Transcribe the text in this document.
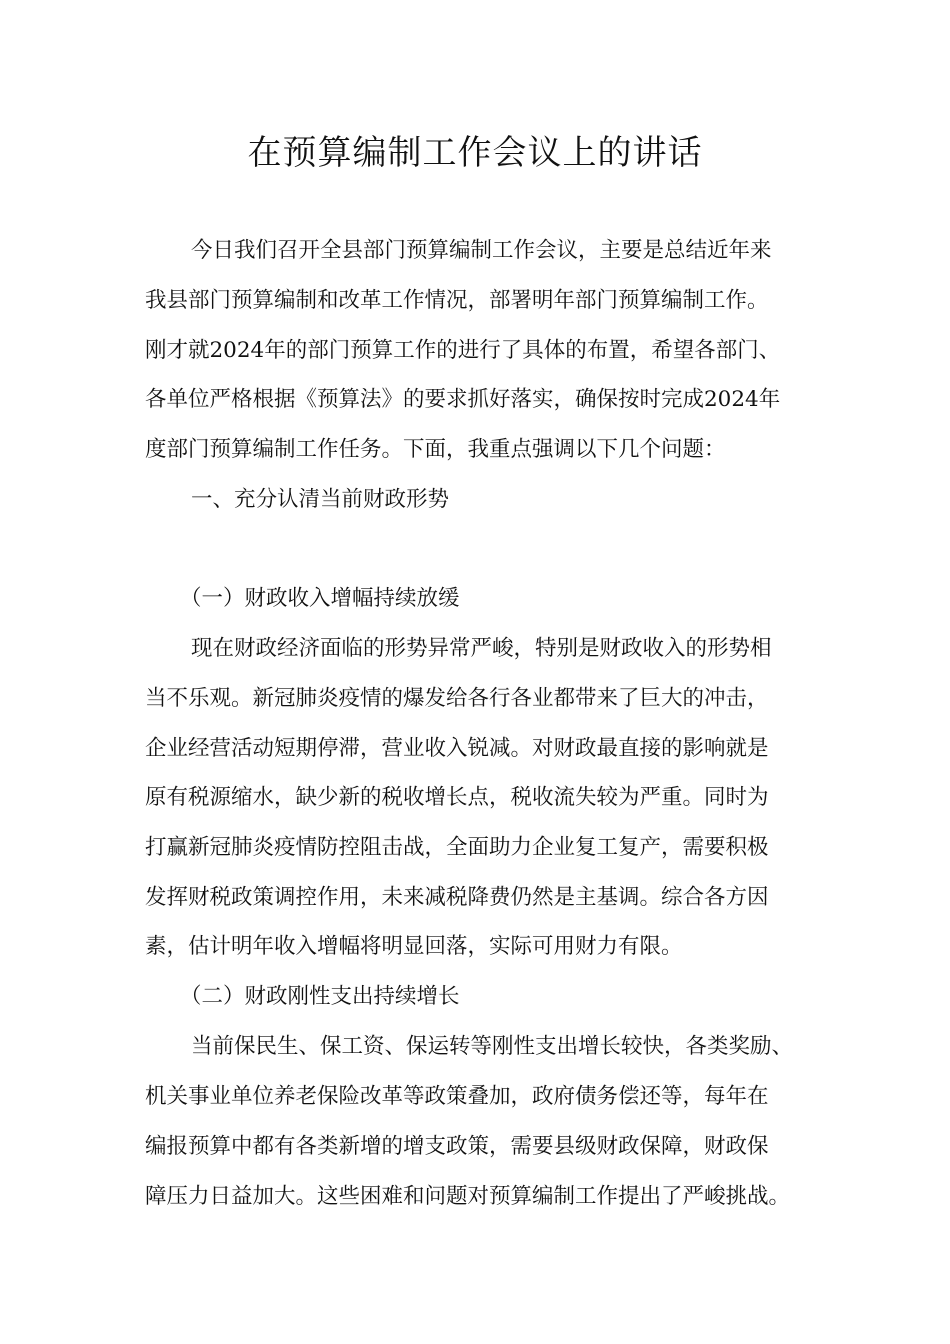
在预算编制工作会议上的讲话

今日我们召开全县部门预算编制工作会议，主要是总结近年来

我县部门预算编制和改革工作情况，部署明年部门预算编制工作。

刚才就2024年的部门预算工作的进行了具体的布置，希望各部门、

各单位严格根据《预算法》的要求抓好落实，确保按时完成2024年

度部门预算编制工作任务。下面，我重点强调以下几个问题：

一、充分认清当前财政形势

（一）财政收入增幅持续放缓

现在财政经济面临的形势异常严峻，特别是财政收入的形势相

当不乐观。新冠肺炎疫情的爆发给各行各业都带来了巨大的冲击，

企业经营活动短期停滞，营业收入锐减。对财政最直接的影响就是

原有税源缩水，缺少新的税收增长点，税收流失较为严重。同时为

打赢新冠肺炎疫情防控阻击战，全面助力企业复工复产，需要积极

发挥财税政策调控作用，未来减税降费仍然是主基调。综合各方因

素，估计明年收入增幅将明显回落，实际可用财力有限。

（二）财政刚性支出持续增长

当前保民生、保工资、保运转等刚性支出增长较快，各类奖励、

机关事业单位养老保险改革等政策叠加，政府债务偿还等，每年在

编报预算中都有各类新增的增支政策，需要县级财政保障，财政保

障压力日益加大。这些困难和问题对预算编制工作提出了严峻挑战。
